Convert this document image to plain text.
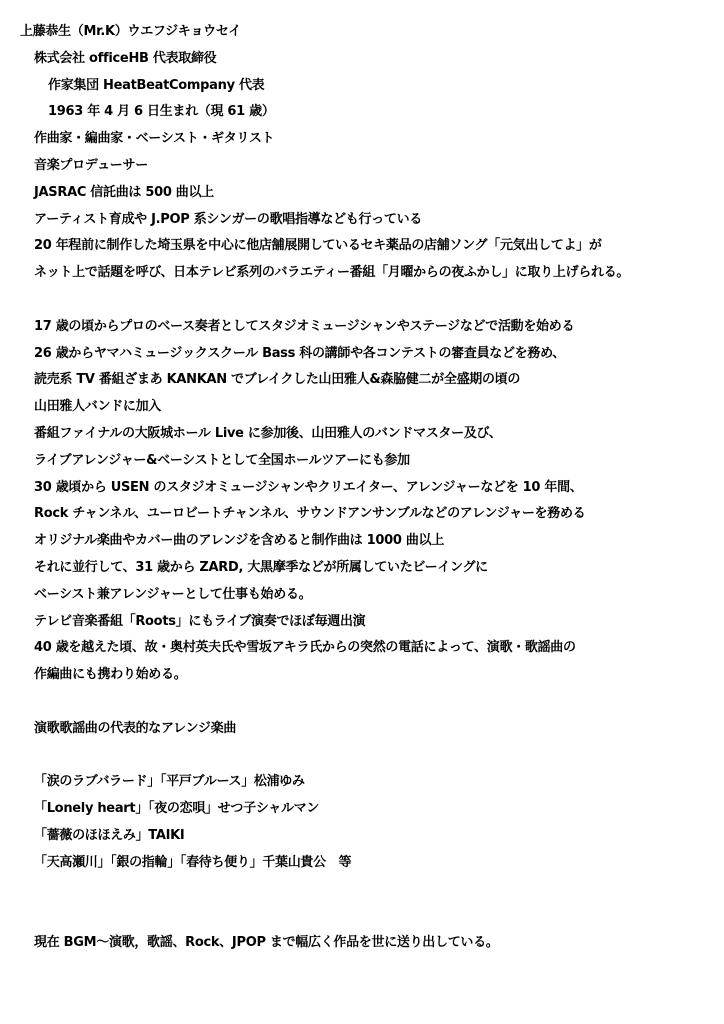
上藤恭生（Mr.K）ウエフジキョウセイ
株式会社 officeHB 代表取締役
作家集団 HeatBeatCompany 代表
1963 年 4 月 6 日生まれ（現 61 歳）
作曲家・編曲家・ベーシスト・ギタリスト
音楽プロデューサー
JASRAC 信託曲は 500 曲以上
アーティスト育成や J.POP 系シンガーの歌唱指導なども行っている
20 年程前に制作した埼玉県を中心に他店舗展開しているセキ薬品の店舗ソング「元気出してよ」が
ネット上で話題を呼び、日本テレビ系列のバラエティー番組「月曜からの夜ふかし」に取り上げられる。
17 歳の頃からプロのベース奏者としてスタジオミュージシャンやステージなどで活動を始める
26 歳からヤマハミュージックスクール Bass 科の講師や各コンテストの審査員などを務め、
読売系 TV 番組ざまあ KANKAN でブレイクした山田雅人&森脇健二が全盛期の頃の
山田雅人バンドに加入
番組ファイナルの大阪城ホール Live に参加後、山田雅人のバンドマスター及び、
ライブアレンジャー&ベーシストとして全国ホールツアーにも参加
30 歳頃から USEN のスタジオミュージシャンやクリエイター、アレンジャーなどを 10 年間、
Rock チャンネル、ユーロビートチャンネル、サウンドアンサンブルなどのアレンジャーを務める
オリジナル楽曲やカバー曲のアレンジを含めると制作曲は 1000 曲以上
それに並行して、31 歳から ZARD, 大黒摩季などが所属していたビーイングに
ベーシスト兼アレンジャーとして仕事も始める。
テレビ音楽番組「Roots」にもライブ演奏でほぼ毎週出演
40 歳を越えた頃、故・奥村英夫氏や雪坂アキラ氏からの突然の電話によって、演歌・歌謡曲の
作編曲にも携わり始める。
演歌歌謡曲の代表的なアレンジ楽曲
「涙のラブバラード」「平戸ブルース」松浦ゆみ
「Lonely heart」「夜の恋唄」せつ子シャルマン
「薔薇のほほえみ」TAIKI
「天高瀬川」「銀の指輪」「春待ち便り」千葉山貴公　等
現在 BGM～演歌，歌謡、Rock、JPOP まで幅広く作品を世に送り出している。
